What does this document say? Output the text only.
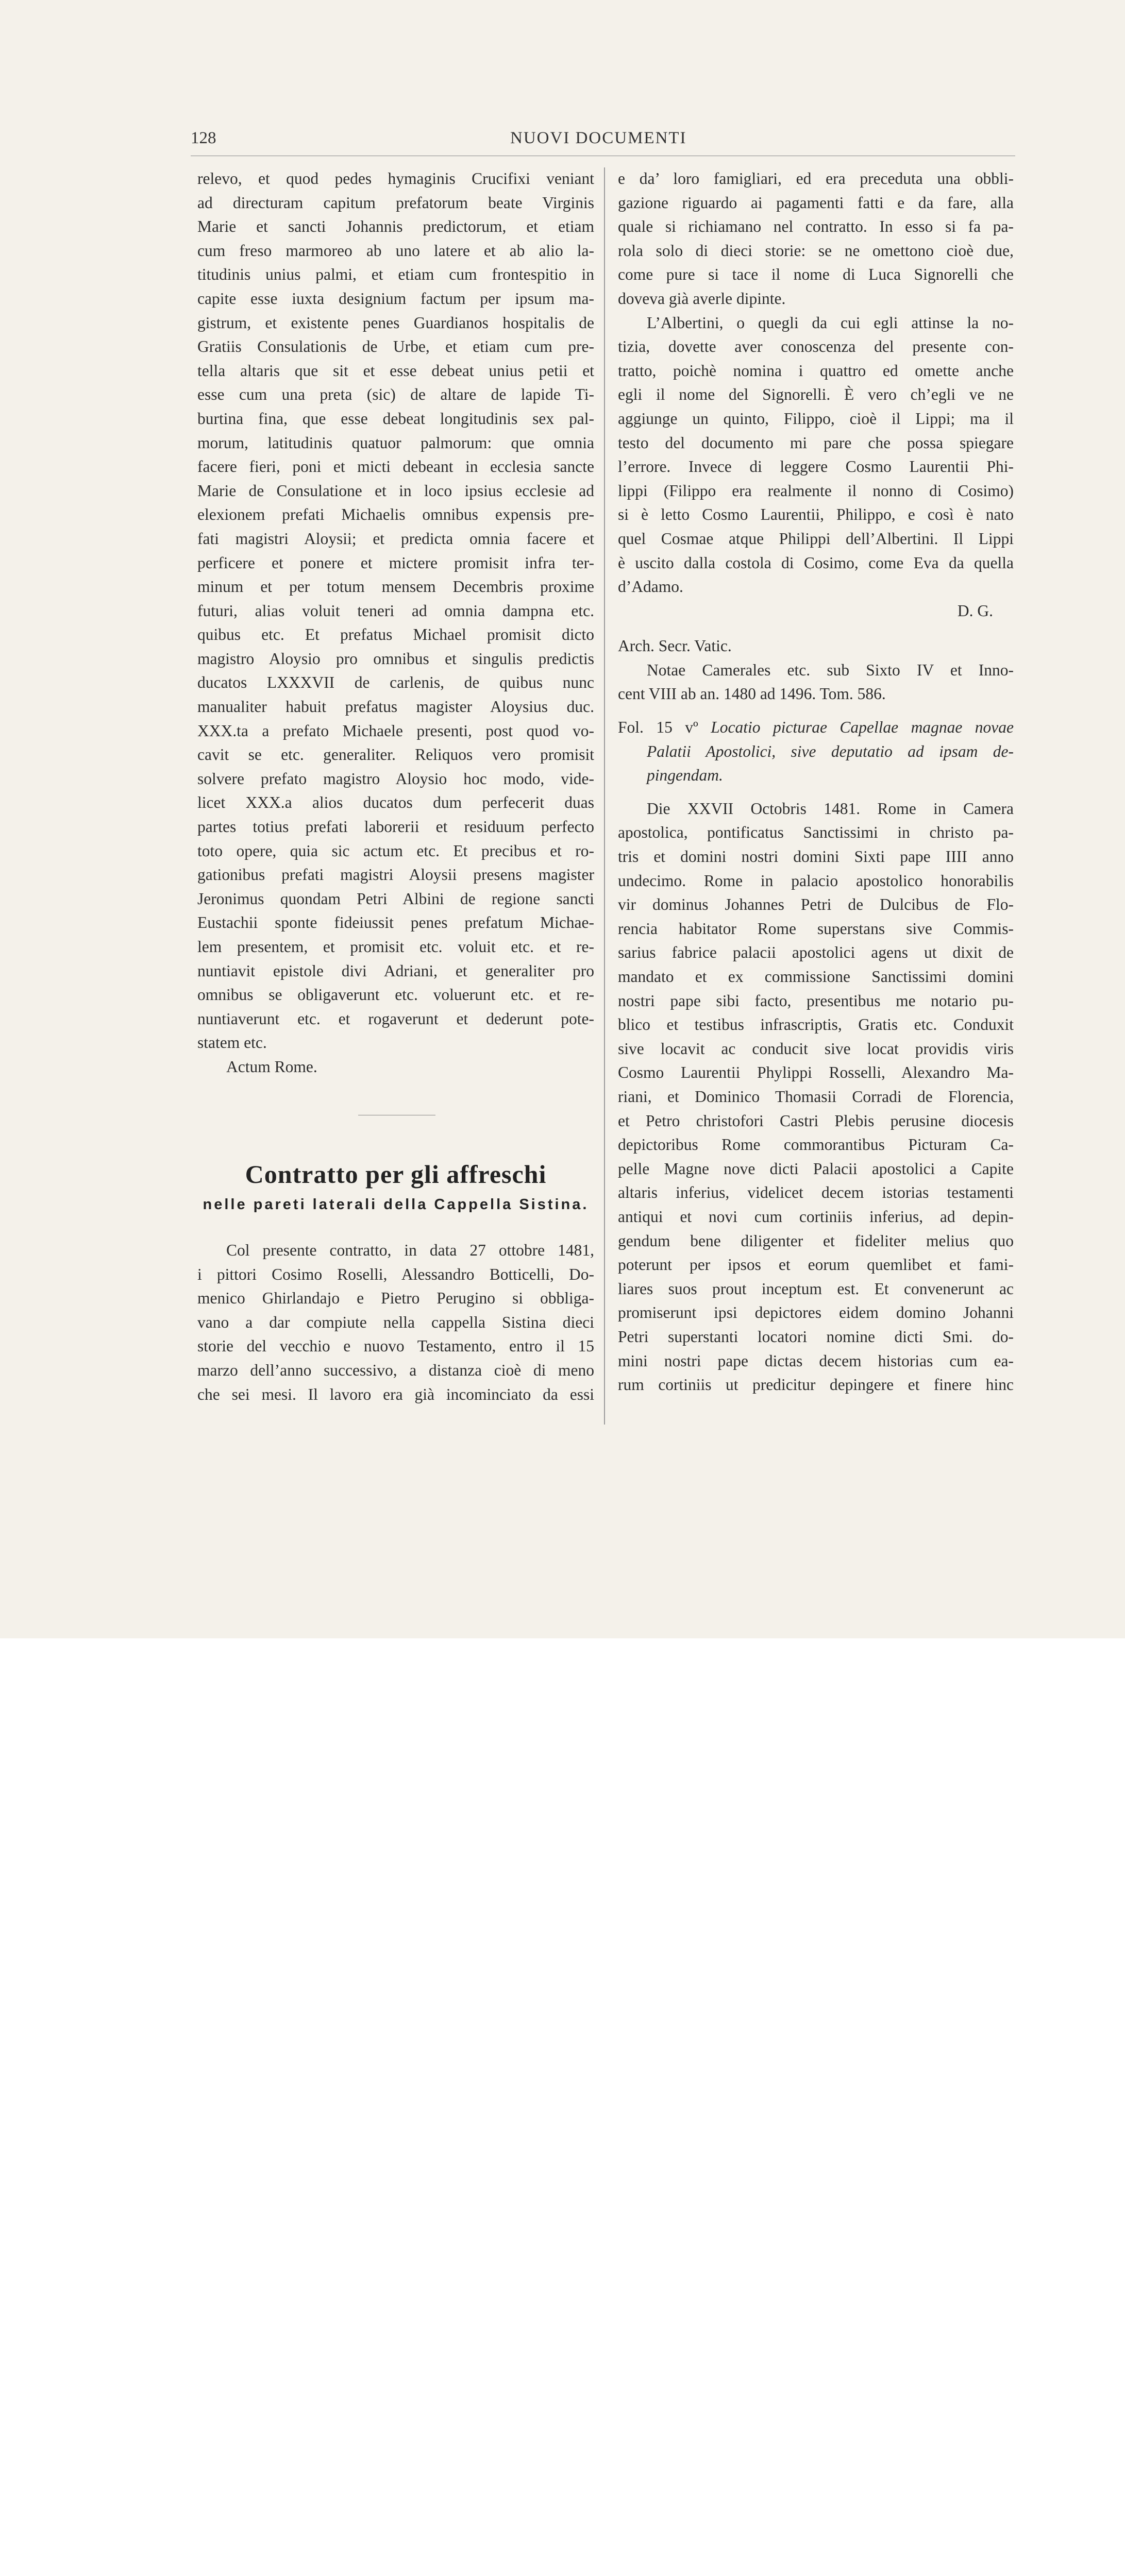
128	NUOVI DOCUMENTI
relevo, et quod pedes hymaginis Crucifixi veniant
ad directuram capitum prefatorum beate Virginis
Marie et sancti Johannis predictorum, et etiam
cum freso marmoreo ab uno latere et ab alio la-
titudinis unius palmi, et etiam cum frontespitio in
capite esse iuxta designium factum per ipsum ma-
gistrum, et existente penes Guardianos hospitalis de
Gratiis Consulationis de Urbe, et etiam cum pre-
tella altaris que sit et esse debeat unius petii et
esse cum una preta (sic) de altare de lapide Ti-
burtina fina, que esse debeat longitudinis sex pal-
morum, latitudinis quatuor palmorum: que omnia
facere fieri, poni et micti debeant in ecclesia sancte
Marie de Consulatione et in loco ipsius ecclesie ad
elexionem prefati Michaelis omnibus expensis pre-
fati magistri Aloysii; et predicta omnia facere et
perficere et ponere et mictere promisit infra ter-
minum et per totum mensem Decembris proxime
futuri, alias voluit teneri ad omnia dampna etc.
quibus etc. Et prefatus Michael promisit dicto
magistro Aloysio pro omnibus et singulis predictis
ducatos LXXXVII de carlenis, de quibus nunc
manualiter habuit prefatus magister Aloysius duc.
XXX.ta a prefato Michaele presenti, post quod vo-
cavit se etc. generaliter. Reliquos vero promisit
solvere prefato magistro Aloysio hoc modo, vide-
licet XXX.a alios ducatos dum perfecerit duas
partes totius prefati laborerii et residuum perfecto
toto opere, quia sic actum etc. Et precibus et ro-
gationibus prefati magistri Aloysii presens magister
Jeronimus quondam Petri Albini de regione sancti
Eustachii sponte fideiussit penes prefatum Michae-
lem presentem, et promisit etc. voluit etc. et re-
nuntiavit epistole divi Adriani, et generaliter pro
omnibus se obligaverunt etc. voluerunt etc. et re-
nuntiaverunt etc. et rogaverunt et dederunt pote-
statem etc.
Actum Rome.
Contratto per gli affreschi
nelle pareti laterali della Cappella Sistina.
Col presente contratto, in data 27 ottobre 1481,
i pittori Cosimo Roselli, Alessandro Botticelli, Do-
menico Ghirlandajo e Pietro Perugino si obbliga-
vano a dar compiute nella cappella Sistina dieci
storie del vecchio e nuovo Testamento, entro il 15
marzo dell’anno successivo, a distanza cioè di meno
che sei mesi. Il lavoro era già incominciato da essi
e da’ loro famigliari, ed era preceduta una obbli-
gazione riguardo ai pagamenti fatti e da fare, alla
quale si richiamano nel contratto. In esso si fa pa-
rola solo di dieci storie: se ne omettono cioè due,
come pure si tace il nome di Luca Signorelli che
doveva già averle dipinte.
L’Albertini, o quegli da cui egli attinse la no-
tizia, dovette aver conoscenza del presente con-
tratto, poichè nomina i quattro ed omette anche
egli il nome del Signorelli. È vero ch’egli ve ne
aggiunge un quinto, Filippo, cioè il Lippi; ma il
testo del documento mi pare che possa spiegare
l’errore. Invece di leggere Cosmo Laurentii Phi-
lippi (Filippo era realmente il nonno di Cosimo)
si è letto Cosmo Laurentii, Philippo, e così è nato
quel Cosmae atque Philippi dell’Albertini. Il Lippi
è uscito dalla costola di Cosimo, come Eva da quella
d’Adamo.
D. G.
Arch. Secr. Vatic.
Notae Camerales etc. sub Sixto IV et Inno-
cent VIII ab an. 1480 ad 1496. Tom. 586.
Fol. 15 vº Locatio picturae Capellae magnae novae
Palatii Apostolici, sive deputatio ad ipsam de-
pingendam.
Die XXVII Octobris 1481. Rome in Camera
apostolica, pontificatus Sanctissimi in christo pa-
tris et domini nostri domini Sixti pape IIII anno
undecimo. Rome in palacio apostolico honorabilis
vir dominus Johannes Petri de Dulcibus de Flo-
rencia habitator Rome superstans sive Commis-
sarius fabrice palacii apostolici agens ut dixit de
mandato et ex commissione Sanctissimi domini
nostri pape sibi facto, presentibus me notario pu-
blico et testibus infrascriptis, Gratis etc. Conduxit
sive locavit ac conducit sive locat providis viris
Cosmo Laurentii Phylippi Rosselli, Alexandro Ma-
riani, et Dominico Thomasii Corradi de Florencia,
et Petro christofori Castri Plebis perusine diocesis
depictoribus Rome commorantibus Picturam Ca-
pelle Magne nove dicti Palacii apostolici a Capite
altaris inferius, videlicet decem istorias testamenti
antiqui et novi cum cortiniis inferius, ad depin-
gendum bene diligenter et fideliter melius quo
poterunt per ipsos et eorum quemlibet et fami-
liares suos prout inceptum est. Et convenerunt ac
promiserunt ipsi depictores eidem domino Johanni
Petri superstanti locatori nomine dicti Smi. do-
mini nostri pape dictas decem historias cum ea-
rum cortiniis ut predicitur depingere et finere hinc
